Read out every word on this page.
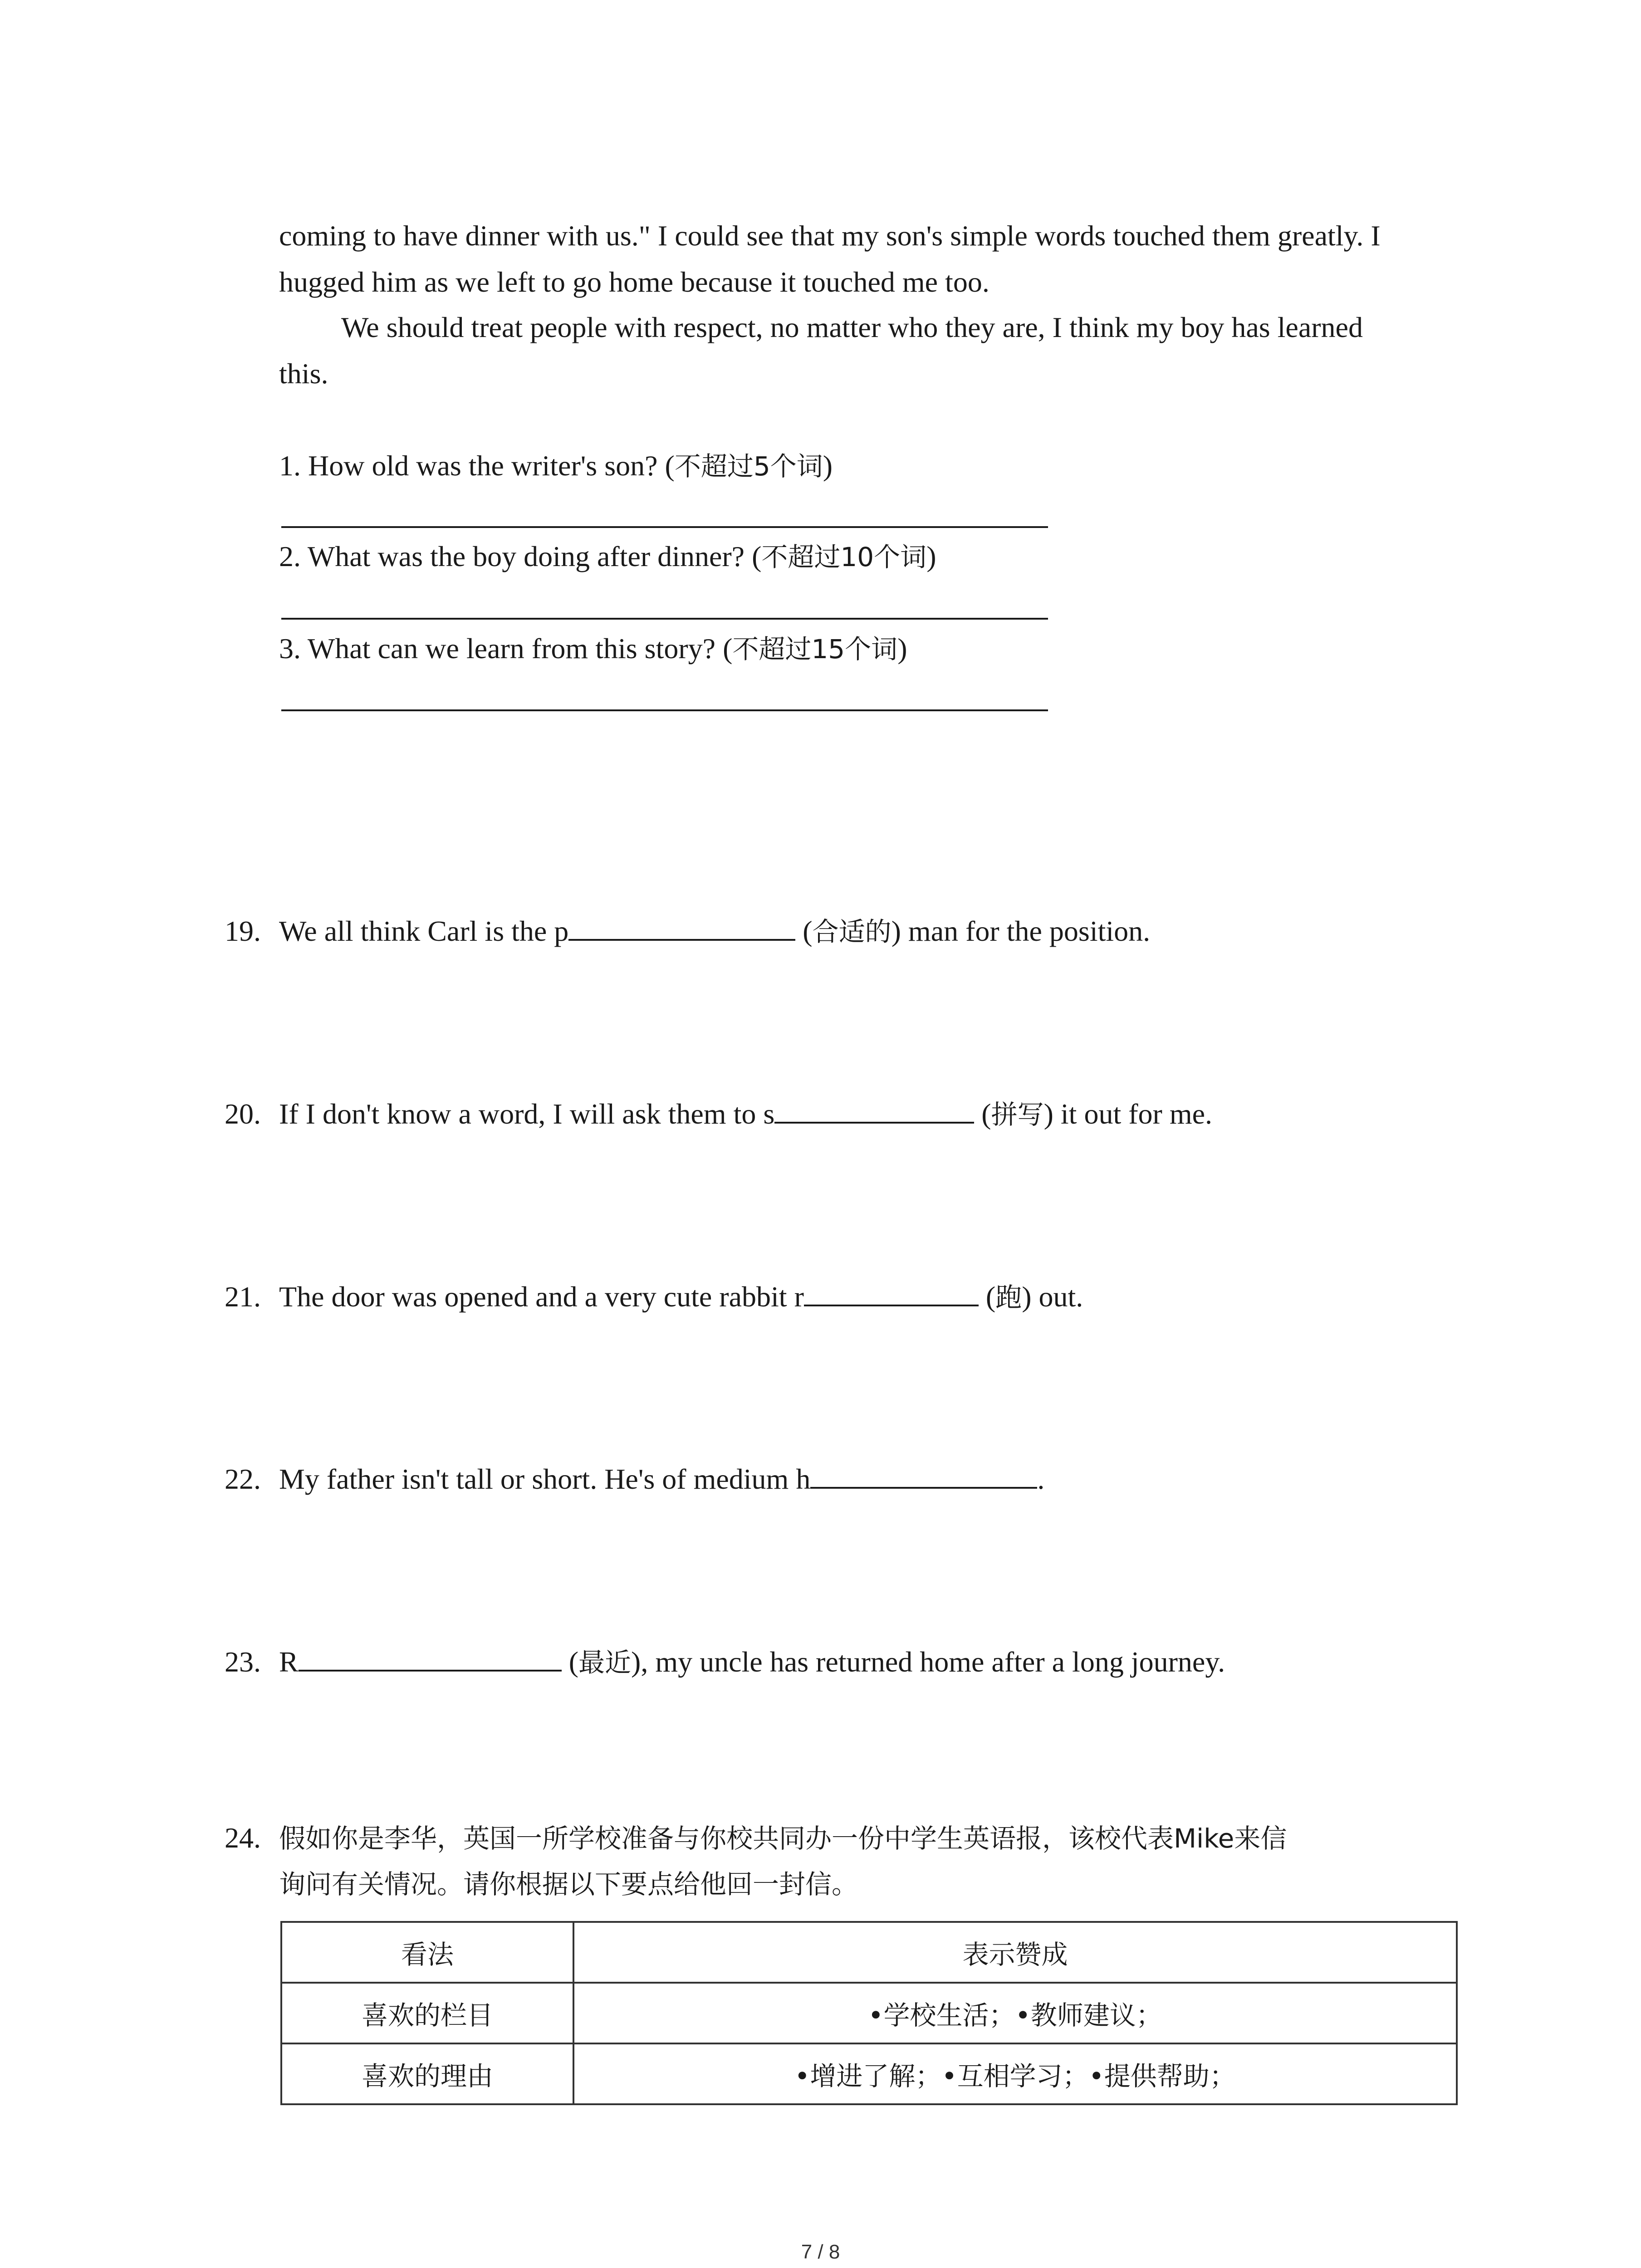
coming to have dinner with us." I could see that my son's simple words touched them greatly. I
hugged him as we left to go home because it touched me too.
We should treat people with respect, no matter who they are, I think my boy has learned
this.
1. How old was the writer's son? (不超过5个词)
2. What was the boy doing after dinner? (不超过10个词)
3. What can we learn from this story? (不超过15个词)
19. We all think Carl is the p	(合适的) man for the position.
20. If I don't know a word, I will ask them to s	(拼写) it out for me.
21. The door was opened and a very cute rabbit r	(跑) out.
22. My father isn't tall or short. He's of medium h	.
23. R	(最近), my uncle has returned home after a long journey.
24. 假如你是李华，英国一所学校准备与你校共同办一份中学生英语报，该校代表Mike来信
询问有关情况。请你根据以下要点给他回一封信。
看法	表示赞成
喜欢的栏目	•学校生活；•教师建议；
喜欢的理由	•增进了解；•互相学习；•提供帮助；
7 / 8
